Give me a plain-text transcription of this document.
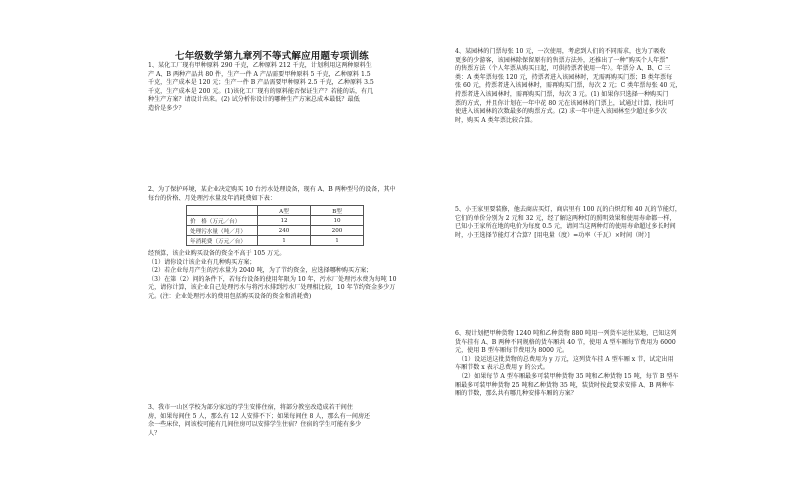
七年级数学第九章列不等式解应用题专项训练

1、某化工厂现有甲种原料 290 千克，乙种原料 212 千克，计划利用这两种原料生

产 A、B 两种产品共 80 件，生产一件 A 产品需要甲种原料 5 千克，乙种原料 1.5

千克，生产成本是 120 元；生产一件 B 产品需要甲种原料 2.5 千克，乙种原料 3.5

千克，生产成本是 200 元。(1)该化工厂现有的原料能否保证生产？若能的话，有几

种生产方案？请设计出来。(2) 试分析你设计的哪种生产方案总成本最低？最低

造价是多少？

2、为了保护环境，某企业决定购买 10 台污水处理设备，现有 A、B 两种型号的设备，其中

每台的价格、月处理污水量及年消耗费如下表：

	A型	B型
价　格（万元／台）	12	10
处理污水量（吨／月）	240	200
年消耗费（万元／台）	1	1

经预算，该企业购买设备的资金不高于 105 万元。

（1）请你设计该企业有几种购买方案；

（2）若企业每月产生的污水量为 2040 吨，为了节约资金，应选择哪种购买方案；

（3）在第（2）问的条件下，若每台设备的使用年限为 10 年，污水厂处理污水费为每吨 10

元，请你计算，该企业自己处理污水与将污水排到污水厂处理相比较，10 年节约资金多少万

元。(注：企业处理污水的费用包括购买设备的资金和消耗费)

3、我市一山区学校为部分家远的学生安排住宿，将部分教室改造成若干间住

房，如果每间住 5 人，那么有 12 人安排不下；如果每间住 8 人，那么有一间房还

余一些床位，问该校可能有几间住房可以安排学生住宿？住宿的学生可能有多少

人？

4、某园林的门票每张 10 元，一次使用，考虑到人们的不同需求，也为了吸收

更多的少游客，该园林除保留原有的售票方法外，还推出了一种“购买个人年票”

的售票方法（个人年票从购买日起，可供持票者使用一年）。年票分 A、B、C 三

类：A 类年票每张 120 元，持票者进入该园林时，无需再购买门票；B 类年票每

张 60 元，持票者进入该园林时，需再购买门票，每次 2 元；C 类年票每张 40 元，

持票者进入该园林时，需再购买门票，每次 3 元。(1) 如果你只选择一种购买门

票的方式，并且你计划在一年中花 80 元在该园林的门票上，试通过计算，找出可

使进入该园林的次数最多的购票方式。(2) 求一年中进入该园林至少超过多少次

时，购买 A 类年票比较合算。

5、小王家里要装修，他去商店买灯，商店里有 100 瓦的白炽灯和 40 瓦的节能灯，

它们的单价分别为 2 元和 32 元，经了解这两种灯的照明效果和使用寿命都一样，

已知小王家所在地的电价为每度 0.5 元，请问当这两种灯的使用寿命超过多长时间

时，小王选择节能灯才合算？[用电量（度）=功率（千瓦）×时间（时）]

6、现计划把甲种货物 1240 吨和乙种货物 880 吨用一列货车运往某地，已知这列

货车挂有 A、B 两种不同规格的货车厢共 40 节，使用 A 型车厢每节费用为 6000

元，使用 B 型车厢每节费用为 8000 元。

　（1）设运送这批货物的总费用为 y 万元，这列货车挂 A 型车厢 x 节，试定出用

车厢节数 x 表示总费用 y 的公式。

　（2）如果每节 A 型车厢最多可装甲种货物 35 吨和乙种货物 15 吨，每节 B 型车

厢最多可装甲种货物 25 吨和乙种货物 35 吨，装货时按此要求安排 A、B 两种车

厢的节数，那么共有哪几种安排车厢的方案？
